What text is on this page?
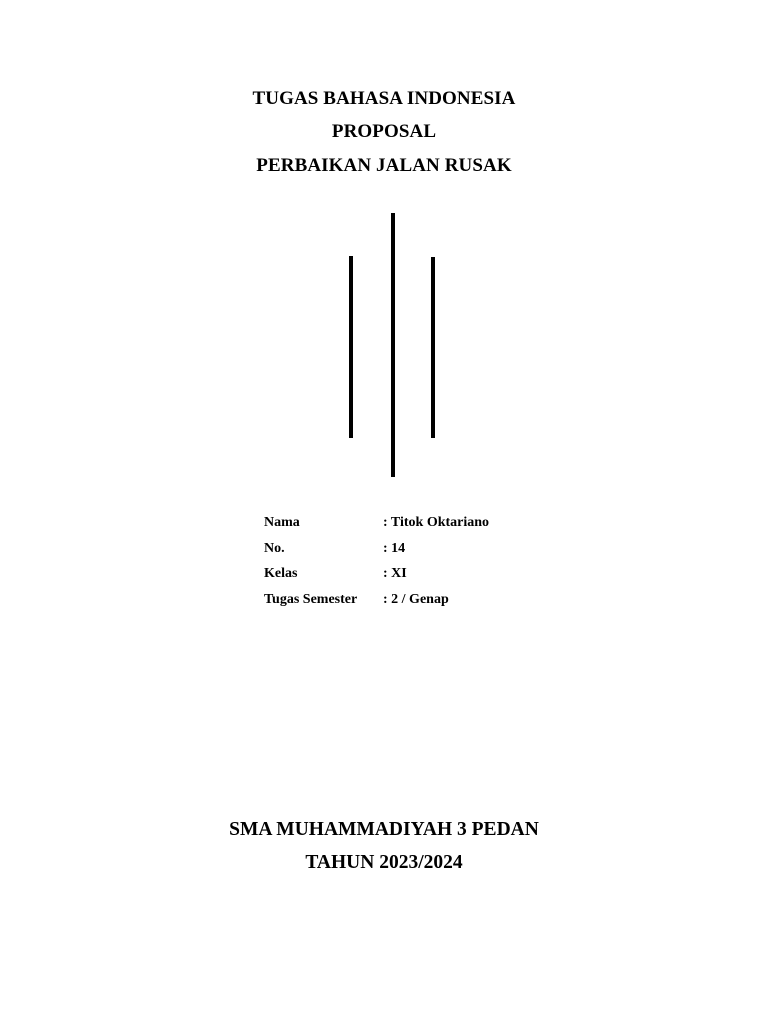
TUGAS BAHASA INDONESIA
PROPOSAL
PERBAIKAN JALAN RUSAK
Nama	: Titok Oktariano
No.	: 14
Kelas	: XI
Tugas Semester : 2 / Genap
SMA MUHAMMADIYAH 3 PEDAN
TAHUN 2023/2024
